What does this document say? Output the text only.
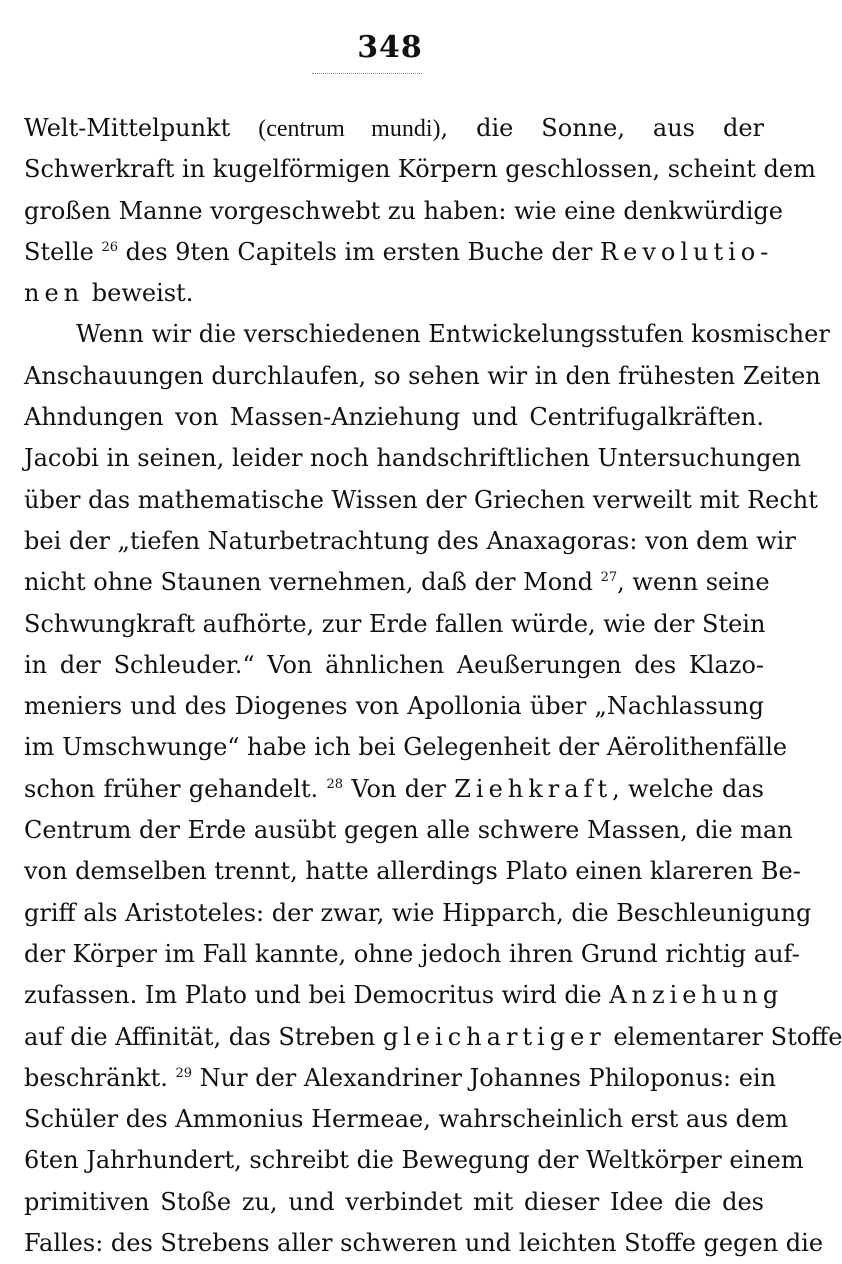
348
Welt-Mittelpunkt (centrum mundi), die Sonne, aus der
Schwerkraft in kugelförmigen Körpern geschlossen, scheint dem
großen Manne vorgeschwebt zu haben: wie eine denkwürdige
Stelle $^{26}$ des 9ten Capitels im ersten Buche der Revolutio-
nen beweist.
Wenn wir die verschiedenen Entwickelungsstufen kosmischer
Anschauungen durchlaufen, so sehen wir in den frühesten Zeiten
Ahndungen von Massen-Anziehung und Centrifugalkräften.
Jacobi in seinen, leider noch handschriftlichen Untersuchungen
über das mathematische Wissen der Griechen verweilt mit Recht
bei der „tiefen Naturbetrachtung des Anaxagoras: von dem wir
nicht ohne Staunen vernehmen, daß der Mond $^{27}$, wenn seine
Schwungkraft aufhörte, zur Erde fallen würde, wie der Stein
in der Schleuder.“ Von ähnlichen Aeußerungen des Klazo-
meniers und des Diogenes von Apollonia über „Nachlassung
im Umschwunge“ habe ich bei Gelegenheit der Aërolithenfälle
schon früher gehandelt. $^{28}$ Von der Ziehkraft, welche das
Centrum der Erde ausübt gegen alle schwere Massen, die man
von demselben trennt, hatte allerdings Plato einen klareren Be-
griff als Aristoteles: der zwar, wie Hipparch, die Beschleunigung
der Körper im Fall kannte, ohne jedoch ihren Grund richtig auf-
zufassen. Im Plato und bei Democritus wird die Anziehung
auf die Affinität, das Streben gleichartiger elementarer Stoffe
beschränkt. $^{29}$ Nur der Alexandriner Johannes Philoponus: ein
Schüler des Ammonius Hermeae, wahrscheinlich erst aus dem
6ten Jahrhundert, schreibt die Bewegung der Weltkörper einem
primitiven Stoße zu, und verbindet mit dieser Idee die des
Falles: des Strebens aller schweren und leichten Stoffe gegen die
